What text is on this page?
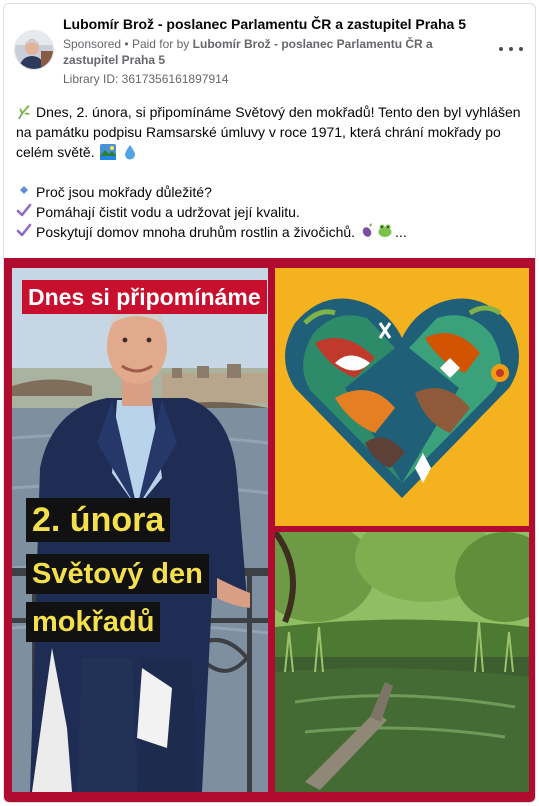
Lubomír Brož - poslanec Parlamentu ČR a zastupitel Praha 5
Sponsored • Paid for by Lubomír Brož - poslanec Parlamentu ČR a zastupitel Praha 5
Library ID: 3617356161897914

Dnes, 2. února, si připomínáme Světový den mokřadů! Tento den byl vyhlášen na památku podpisu Ramsarské úmluvy v roce 1971, která chrání mokřady po celém světě.

Proč jsou mokřady důležité?

Pomáhají čistit vodu a udržovat její kvalitu.

Poskytují domov mnoha druhům rostlin a živočichů.	...

Dnes si připomínáme
2. února
Světový den
mokřadů
